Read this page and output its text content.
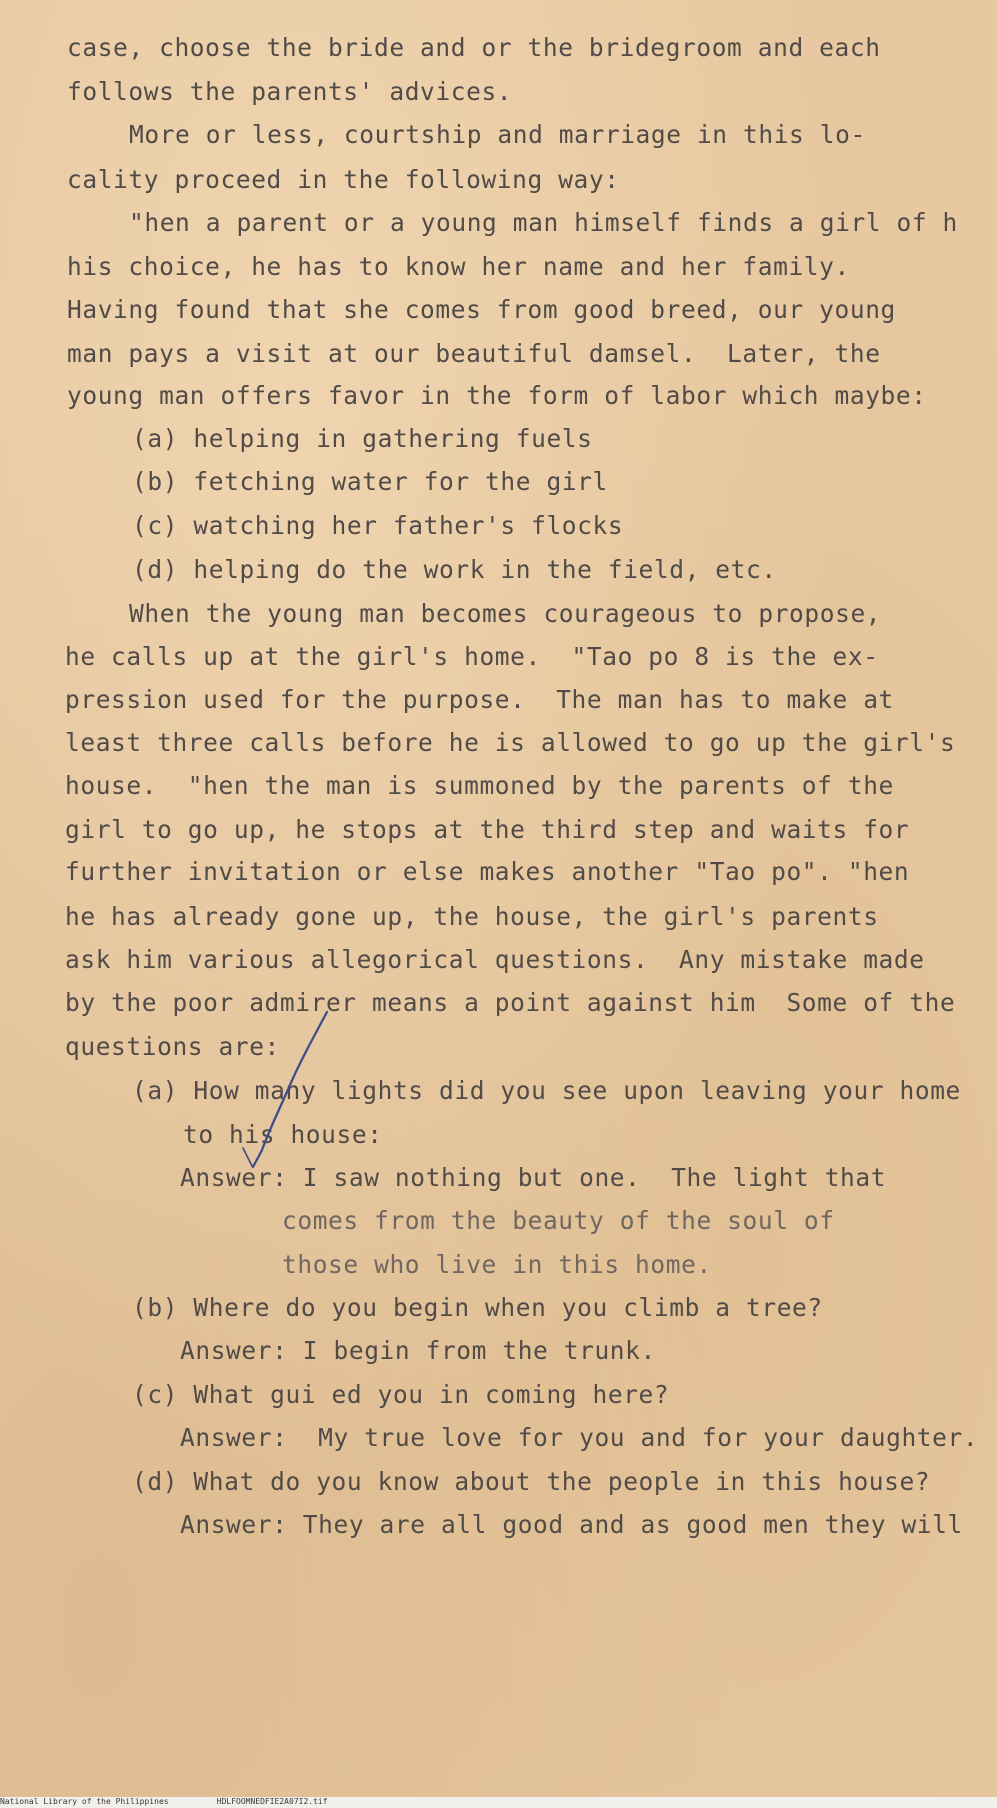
case, choose the bride and or the bridegroom and each
follows the parents' advices.
More or less, courtship and marriage in this lo-
cality proceed in the following way:
"hen a parent or a young man himself finds a girl of h
his choice, he has to know her name and her family.
Having found that she comes from good breed, our young
man pays a visit at our beautiful damsel.  Later, the
young man offers favor in the form of labor which maybe:
(a) helping in gathering fuels
(b) fetching water for the girl
(c) watching her father's flocks
(d) helping do the work in the field, etc.
When the young man becomes courageous to propose,
he calls up at the girl's home.  "Tao po 8 is the ex-
pression used for the purpose.  The man has to make at
least three calls before he is allowed to go up the girl's
house.  "hen the man is summoned by the parents of the
girl to go up, he stops at the third step and waits for
further invitation or else makes another "Tao po". "hen
he has already gone up, the house, the girl's parents
ask him various allegorical questions.  Any mistake made
by the poor admirer means a point against him  Some of the
questions are:
(a) How many lights did you see upon leaving your home
to his house:
Answer: I saw nothing but one.  The light that
comes from the beauty of the soul of
those who live in this home.
(b) Where do you begin when you climb a tree?
Answer: I begin from the trunk.
(c) What gui ed you in coming here?
Answer:  My true love for you and for your daughter.
(d) What do you know about the people in this house?
Answer: They are all good and as good men they will
National Library of the Philippines	HDLFOOMNEDFIE2A07I2.tif
